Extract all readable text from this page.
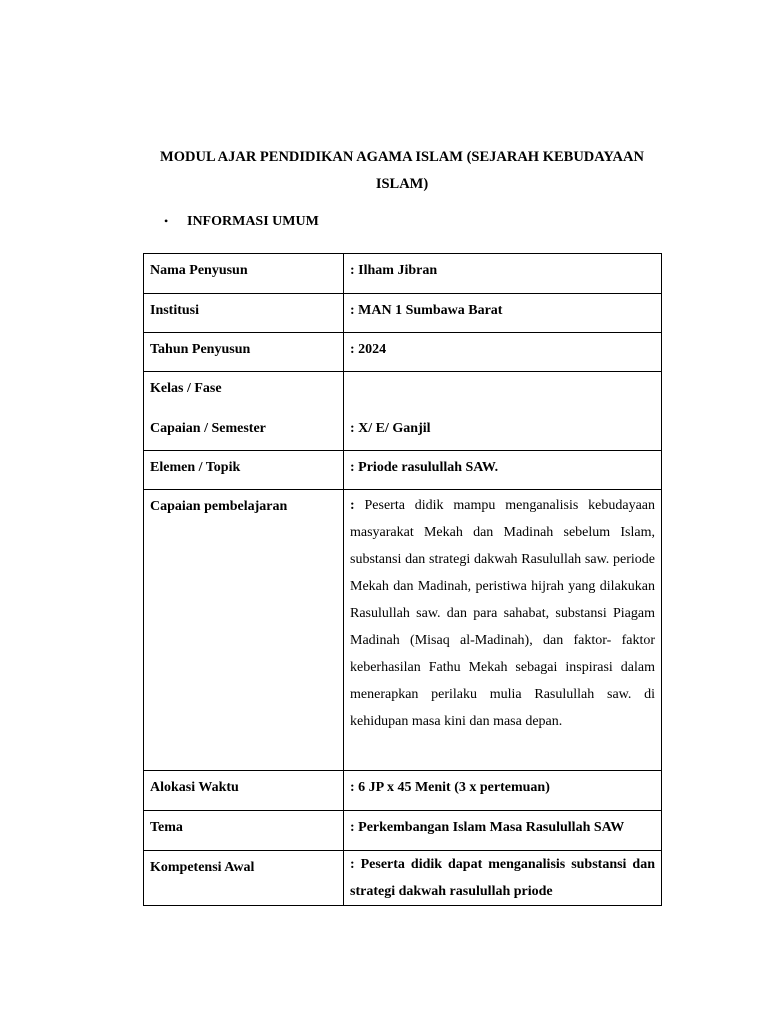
MODUL AJAR PENDIDIKAN AGAMA ISLAM (SEJARAH KEBUDAYAAN
ISLAM)
•	INFORMASI UMUM
Nama Penyusun	: Ilham Jibran
Institusi	: MAN 1 Sumbawa Barat
Tahun Penyusun	: 2024

Kelas / Fase
Capaian / Semester	: X/ E/ Ganjil

Elemen / Topik	: Priode rasulullah SAW.
Capaian pembelajaran	: Peserta didik mampu menganalisis kebudayaan masyarakat Mekah dan Madinah sebelum Islam, substansi dan strategi dakwah Rasulullah saw. periode Mekah dan Madinah, peristiwa hijrah yang dilakukan Rasulullah saw. dan para sahabat, substansi Piagam Madinah (Misaq al-Madinah), dan faktor- faktor keberhasilan Fathu Mekah sebagai inspirasi dalam menerapkan perilaku mulia Rasulullah saw. di kehidupan masa kini dan masa depan.
Alokasi Waktu	: 6 JP x 45 Menit (3 x pertemuan)
Tema	: Perkembangan Islam Masa Rasulullah SAW
Kompetensi Awal	: Peserta didik dapat menganalisis substansi dan strategi dakwah rasulullah priode
